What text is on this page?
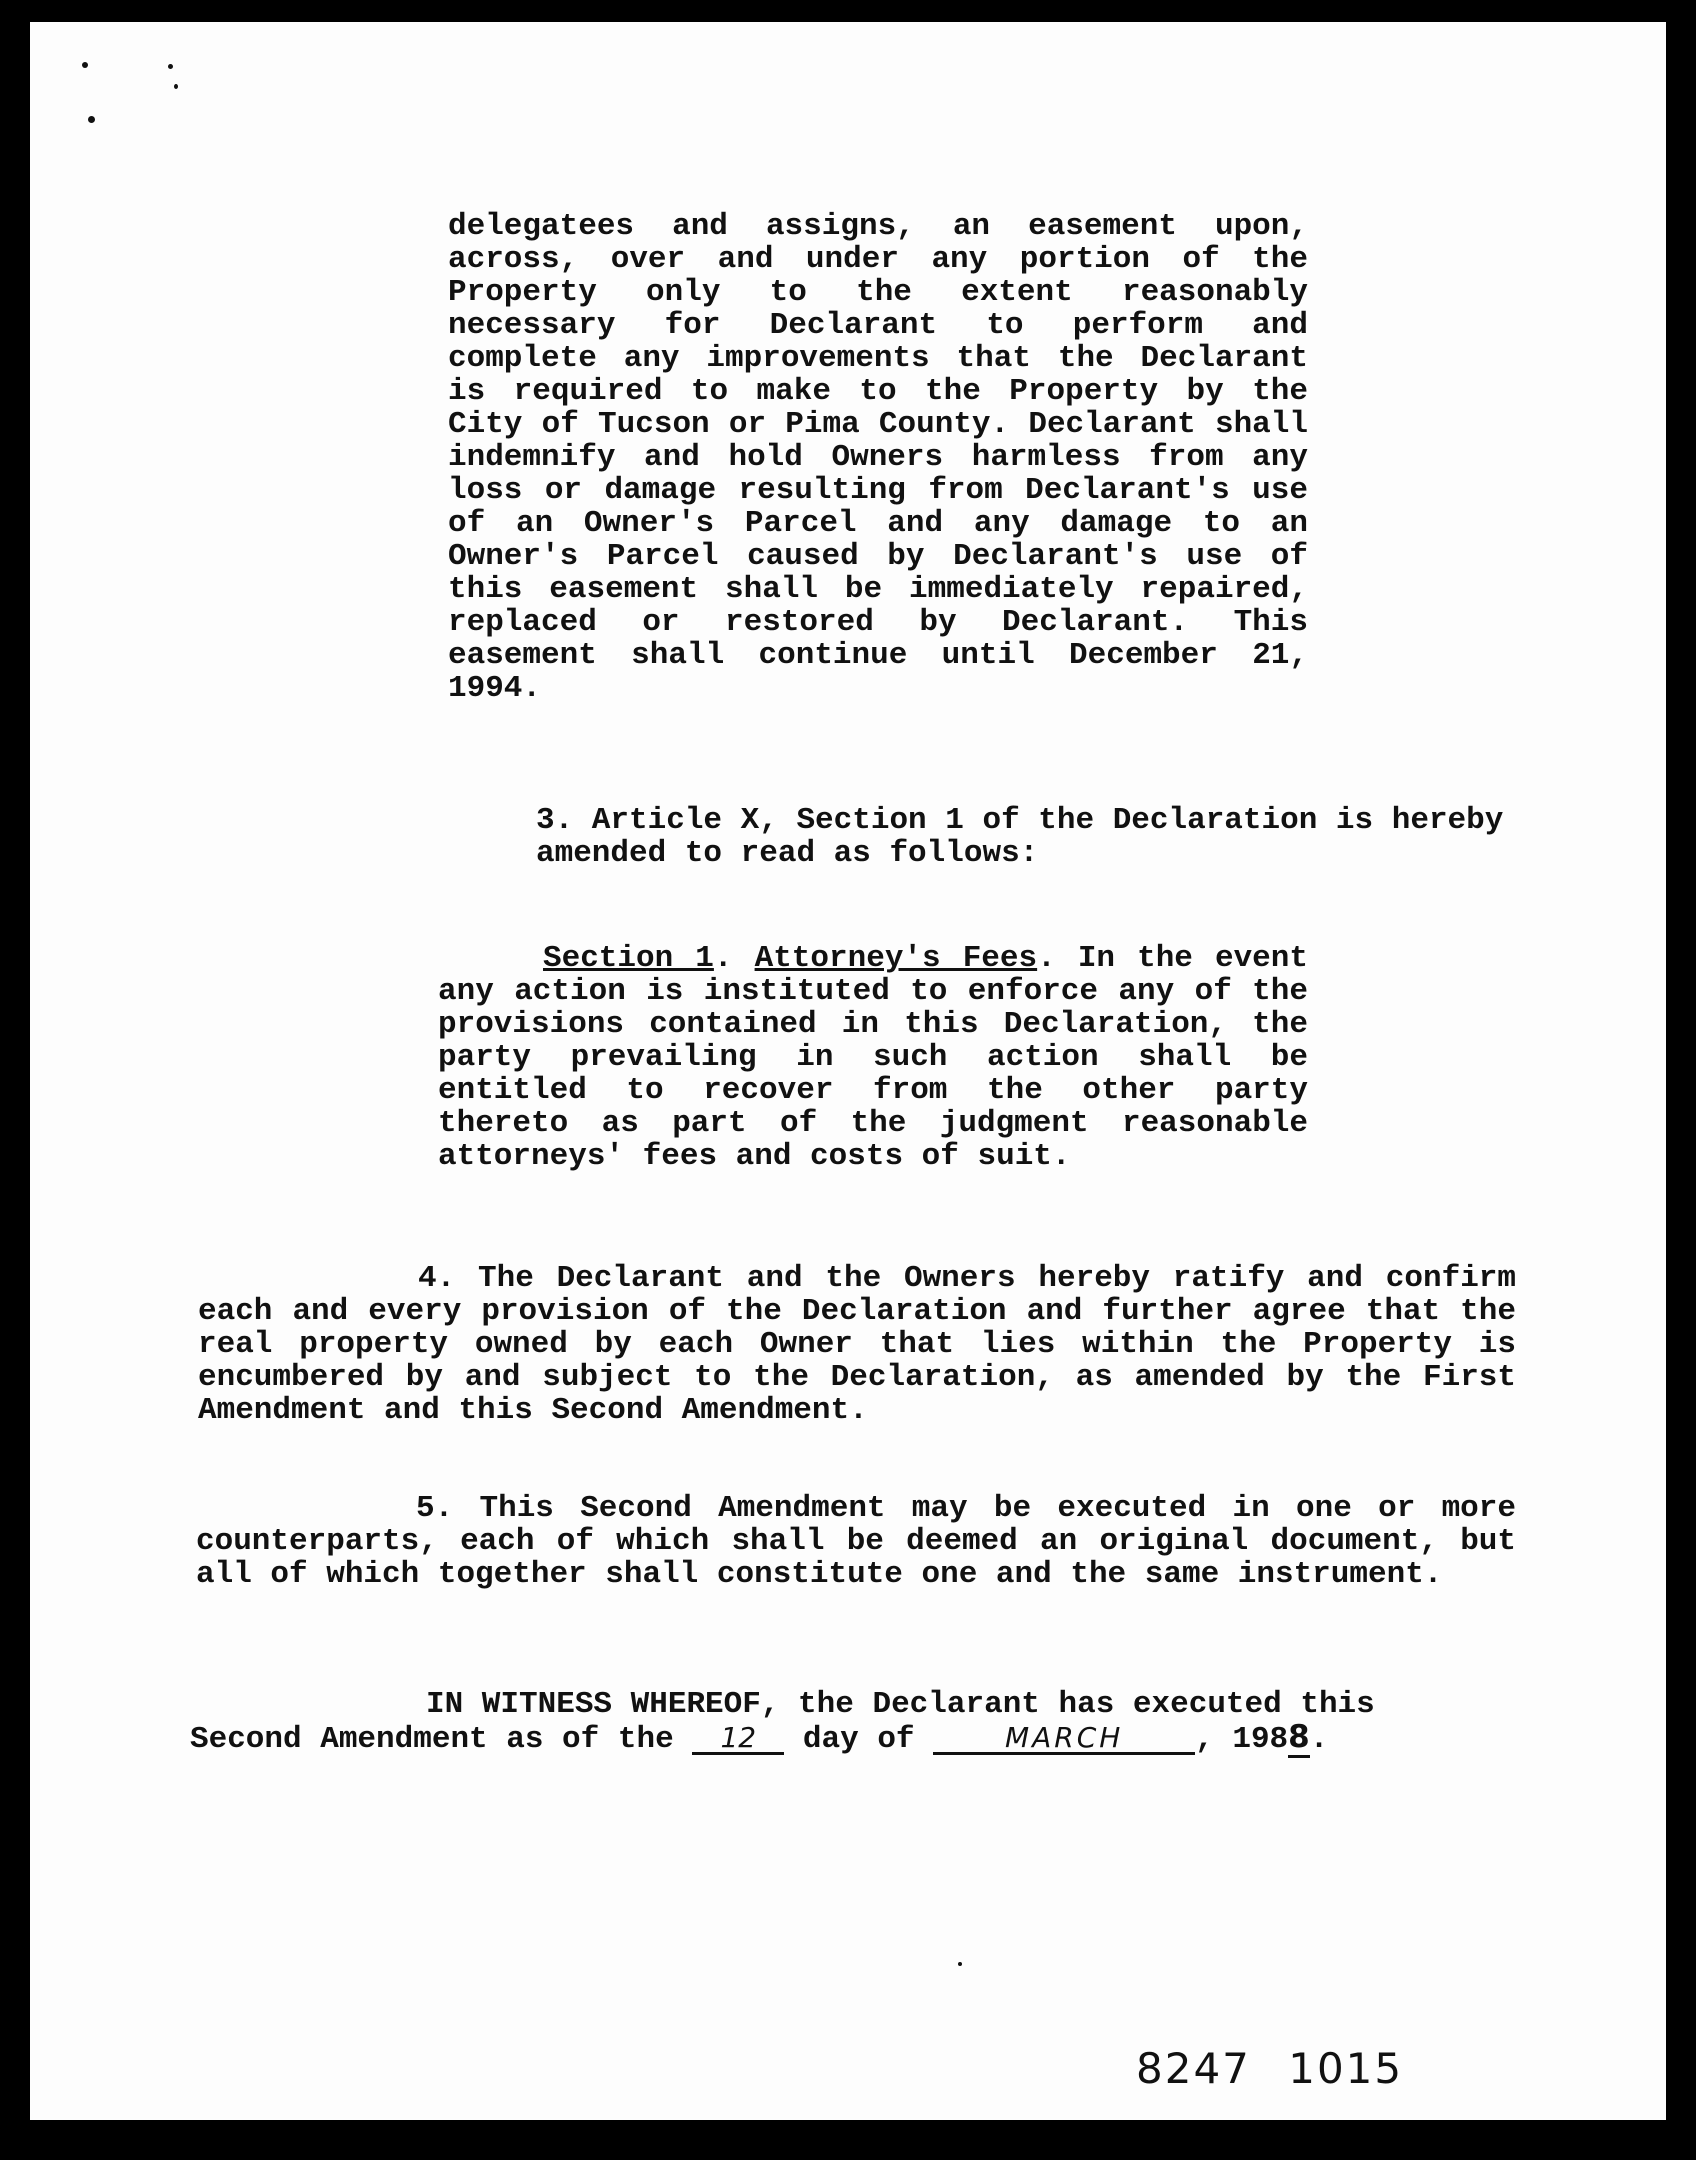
delegatees and assigns, an easement upon, across, over and under any portion of the Property only to the extent reasonably necessary for Declarant to perform and complete any improvements that the Declarant is required to make to the Property by the City of Tucson or Pima County. Declarant shall indemnify and hold Owners harmless from any loss or damage resulting from Declarant's use of an Owner's Parcel and any damage to an Owner's Parcel caused by Declarant's use of this easement shall be immediately repaired, replaced or restored by Declarant. This easement shall continue until December 21, 1994.

3. Article X, Section 1 of the Declaration is hereby amended to read as follows:

Section 1. Attorney's Fees. In the event any action is instituted to enforce any of the provisions contained in this Declaration, the party prevailing in such action shall be entitled to recover from the other party thereto as part of the judgment reasonable attorneys' fees and costs of suit.

4. The Declarant and the Owners hereby ratify and confirm each and every provision of the Declaration and further agree that the real property owned by each Owner that lies within the Property is encumbered by and subject to the Declaration, as amended by the First Amendment and this Second Amendment.

5. This Second Amendment may be executed in one or more counterparts, each of which shall be deemed an original document, but all of which together shall constitute one and the same instrument.

IN WITNESS WHEREOF, the Declarant has executed this

Second Amendment as of the 12 day of	MARCH , 1988.

8247 1015
